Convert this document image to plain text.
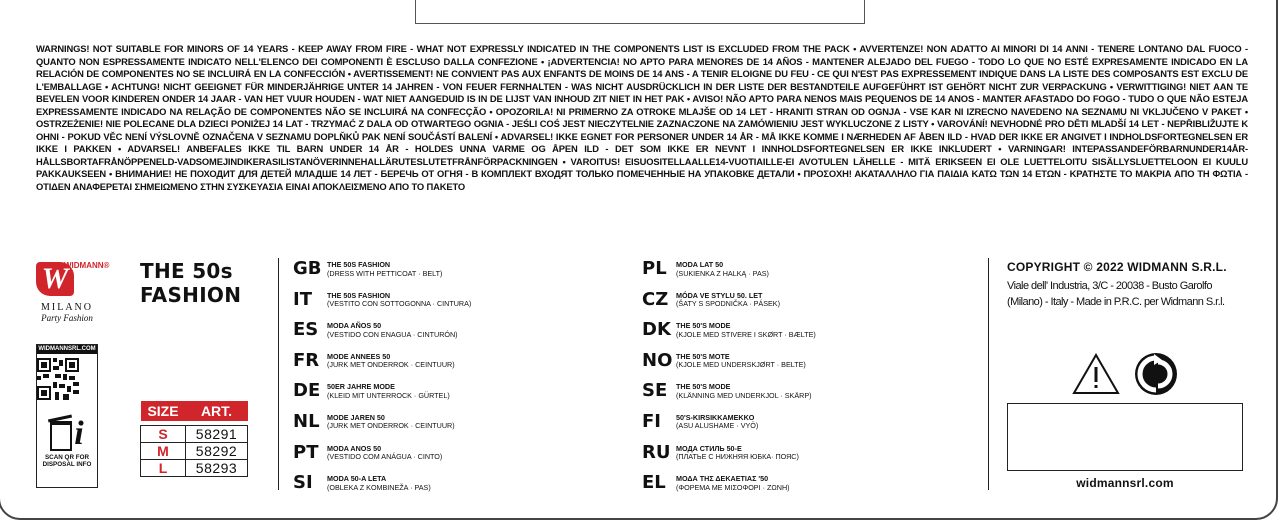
WARNINGS! NOT SUITABLE FOR MINORS OF 14 YEARS - KEEP AWAY FROM FIRE - WHAT NOT EXPRESSLY INDICATED IN THE COMPONENTS LIST IS EXCLUDED FROM THE PACK • AVVERTENZE! NON ADATTO AI MINORI DI 14 ANNI - TENERE LONTANO DAL FUOCO - QUANTO NON ESPRESSAMENTE INDICATO NELL'ELENCO DEI COMPONENTI È ESCLUSO DALLA CONFEZIONE • ¡ADVERTENCIA! NO APTO PARA MENORES DE 14 AÑOS - MANTENER ALEJADO DEL FUEGO - TODO LO QUE NO ESTÉ EXPRESAMENTE INDICADO EN LA RELACIÓN DE COMPONENTES NO SE INCLUIRÁ EN LA CONFECCIÓN • AVERTISSEMENT! NE CONVIENT PAS AUX ENFANTS DE MOINS DE 14 ANS - A TENIR ELOIGNE DU FEU - CE QUI N'EST PAS EXPRESSEMENT INDIQUE DANS LA LISTE DES COMPOSANTS EST EXCLU DE L'EMBALLAGE • ACHTUNG! NICHT GEEIGNET FÜR MINDERJÄHRIGE UNTER 14 JAHREN - VON FEUER FERNHALTEN - WAS NICHT AUSDRÜCKLICH IN DER LISTE DER BESTANDTEILE AUFGEFÜHRT IST GEHÖRT NICHT ZUR VERPACKUNG • VERWITTIGING! NIET AAN TE BEVELEN VOOR KINDEREN ONDER 14 JAAR - VAN HET VUUR HOUDEN - WAT NIET AANGEDUID IS IN DE LIJST VAN INHOUD ZIT NIET IN HET PAK • AVISO! NÃO APTO PARA NENOS MAIS PEQUENOS DE 14 ANOS - MANTER AFASTADO DO FOGO - TUDO O QUE NÃO ESTEJA EXPRESSAMENTE INDICADO NA RELAÇÃO DE COMPONENTES NÃO SE INCLUIRÁ NA CONFECÇÃO • OPOZORILA! NI PRIMERNO ZA OTROKE MLAJŠE OD 14 LET - HRANITI STRAN OD OGNJA - VSE KAR NI IZRECNO NAVEDENO NA SEZNAMU NI VKLJUČENO V PAKET • OSTRZEŻENIE! NIE POLECANE DLA DZIECI PONIŻEJ 14 LAT - TRZYMAĆ Z DALA OD OTWARTEGO OGNIA - JEŚLI COŚ JEST NIECZYTELNIE ZAZNACZONE NA ZAMÓWIENIU JEST WYKLUCZONE Z LISTY • VAROVÁNÍ! NEVHODNÉ PRO DĚTI MLADŠÍ 14 LET - NEPŘIBLIŽUJTE K OHNI - POKUD VĚC NENÍ VÝSLOVNĚ OZNAČENA V SEZNAMU DOPLŇKŮ PAK NENÍ SOUČÁSTÍ BALENÍ • ADVARSEL! IKKE EGNET FOR PERSONER UNDER 14 ÅR - MÅ IKKE KOMME I NÆRHEDEN AF ÅBEN ILD - HVAD DER IKKE ER ANGIVET I INDHOLDSFORTEGNELSEN ER IKKE I PAKKEN • ADVARSEL! ANBEFALES IKKE TIL BARN UNDER 14 ÅR - HOLDES UNNA VARME OG ÅPEN ILD - DET SOM IKKE ER NEVNT I INNHOLDSFORTEGNELSEN ER IKKE INKLUDERT • VARNINGAR! INTEPASSANDEFÖRBARNUNDER14ÅR-HÅLLSBORTAFRÅNÖPPENELD-VADSOMEJINDIKERASILISTANÖVERINNEHALLÄRUTESLUTETFRÅNFÖRPACKNINGEN • VAROITUS! EISUOSITELLAALLE14-VUOTIAILLE-EI AVOTULEN LÄHELLE - MITÄ ERIKSEEN EI OLE LUETTELOITU SISÄLLYSLUETTELOON EI KUULU PAKKAUKSEEN • ВНИМАНИЕ! НЕ ПОХОДИТ ДЛЯ ДЕТЕЙ МЛАДШЕ 14 ЛЕТ - БЕРЕЧЬ ОТ ОГНЯ - В КОМПЛЕКТ ВХОДЯТ ТОЛЬКО ПОМЕЧЕННЫЕ НА УПАКОВКЕ ДЕТАЛИ • ΠΡΟΣΟΧΗ! ΑΚΑΤΑΛΛΗΛΟ ΓΙΑ ΠΑΙΔΙΑ ΚΑΤΩ ΤΩΝ 14 ΕΤΩΝ - ΚΡΑΤΗΣΤΕ ΤΟ ΜΑΚΡΙΑ ΑΠΟ ΤΗ ΦΩΤΙΑ - ΟΤΙΔΕΝ ΑΝΑΦΕΡΕΤΑΙ ΣΗΜΕΙΩΜΕΝΟ ΣΤΗΝ ΣΥΣΚΕΥΑΣΙΑ ΕΙΝΑΙ ΑΠΟΚΛΕΙΣΜΕΝΟ ΑΠΟ ΤΟ ΠΑΚΕΤΟ
W
WIDMANN®
MILANO
Party Fashion
WIDMANNSRL.COM
i
SCAN QR FOR
DISPOSAL INFO
THE 50s
FASHION
SIZE	ART.

S	58291
M	58292
L	58293
GB THE 50S FASHION
(DRESS WITH PETTICOAT · BELT)
IT	THE 50S FASHION
(VESTITO CON SOTTOGONNA · CINTURA)
ES	MODA AÑOS 50
(VESTIDO CON ENAGUA · CINTURÓN)
FR	MODE ANNEES 50
(JURK MET ONDERROK · CEINTUUR)
DE 50ER JAHRE MODE
(KLEID MIT UNTERROCK · GÜRTEL)
NL	MODE JAREN 50
(JURK MET ONDERROK · CEINTUUR)
PT	MODA ANOS 50
(VESTIDO COM ANÁGUA · CINTO)
SI	MODA 50-A LETA
(OBLEKA Z KOMBINEŽA · PAS)
PL	MODA LAT 50
(SUKIENKA Z HALKĄ · PAS)
CZ	MÓDA VE STYLU 50. LET
(ŠATY S SPODNIČKA · PÁSEK)
DK THE 50'S MODE
(KJOLE MED STIVERE I SKØRT · BÆLTE)
NO THE 50'S MOTE
(KJOLE MED UNDERSKJØRT · BELTE)
SE	THE 50'S MODE
(KLÄNNING MED UNDERKJOL · SKÄRP)
FI	50'S-KIRSIKKAMEKKO
(ASU ALUSHAME · VYÖ)
RU МОДА СТИЛЬ 50-Е
(ПЛАТЬЕ С НИЖНЯЯ ЮБКА· ПОЯС)
EL	ΜΟΔΑ ΤΗΣ ΔΕΚΑΕΤΙΑΣ '50
(ΦΟΡΕΜΑ ΜΕ ΜΙΣΟΦΟΡΙ · ΖΩΝΗ)
COPYRIGHT © 2022 WIDMANN S.R.L.
Viale dell' Industria, 3/C - 20038 - Busto Garolfo (Milano) - Italy - Made in P.R.C. per Widmann S.r.l.
widmannsrl.com
